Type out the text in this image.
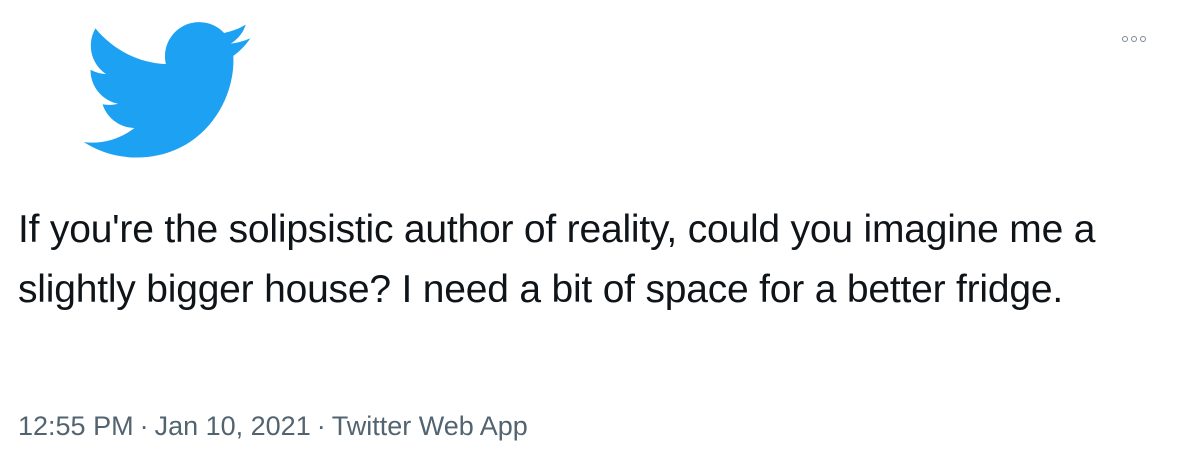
If you're the solipsistic author of reality, could you imagine me a slightly bigger house? I need a bit of space for a better fridge.

12:55 PM · Jan 10, 2021 · Twitter Web App
